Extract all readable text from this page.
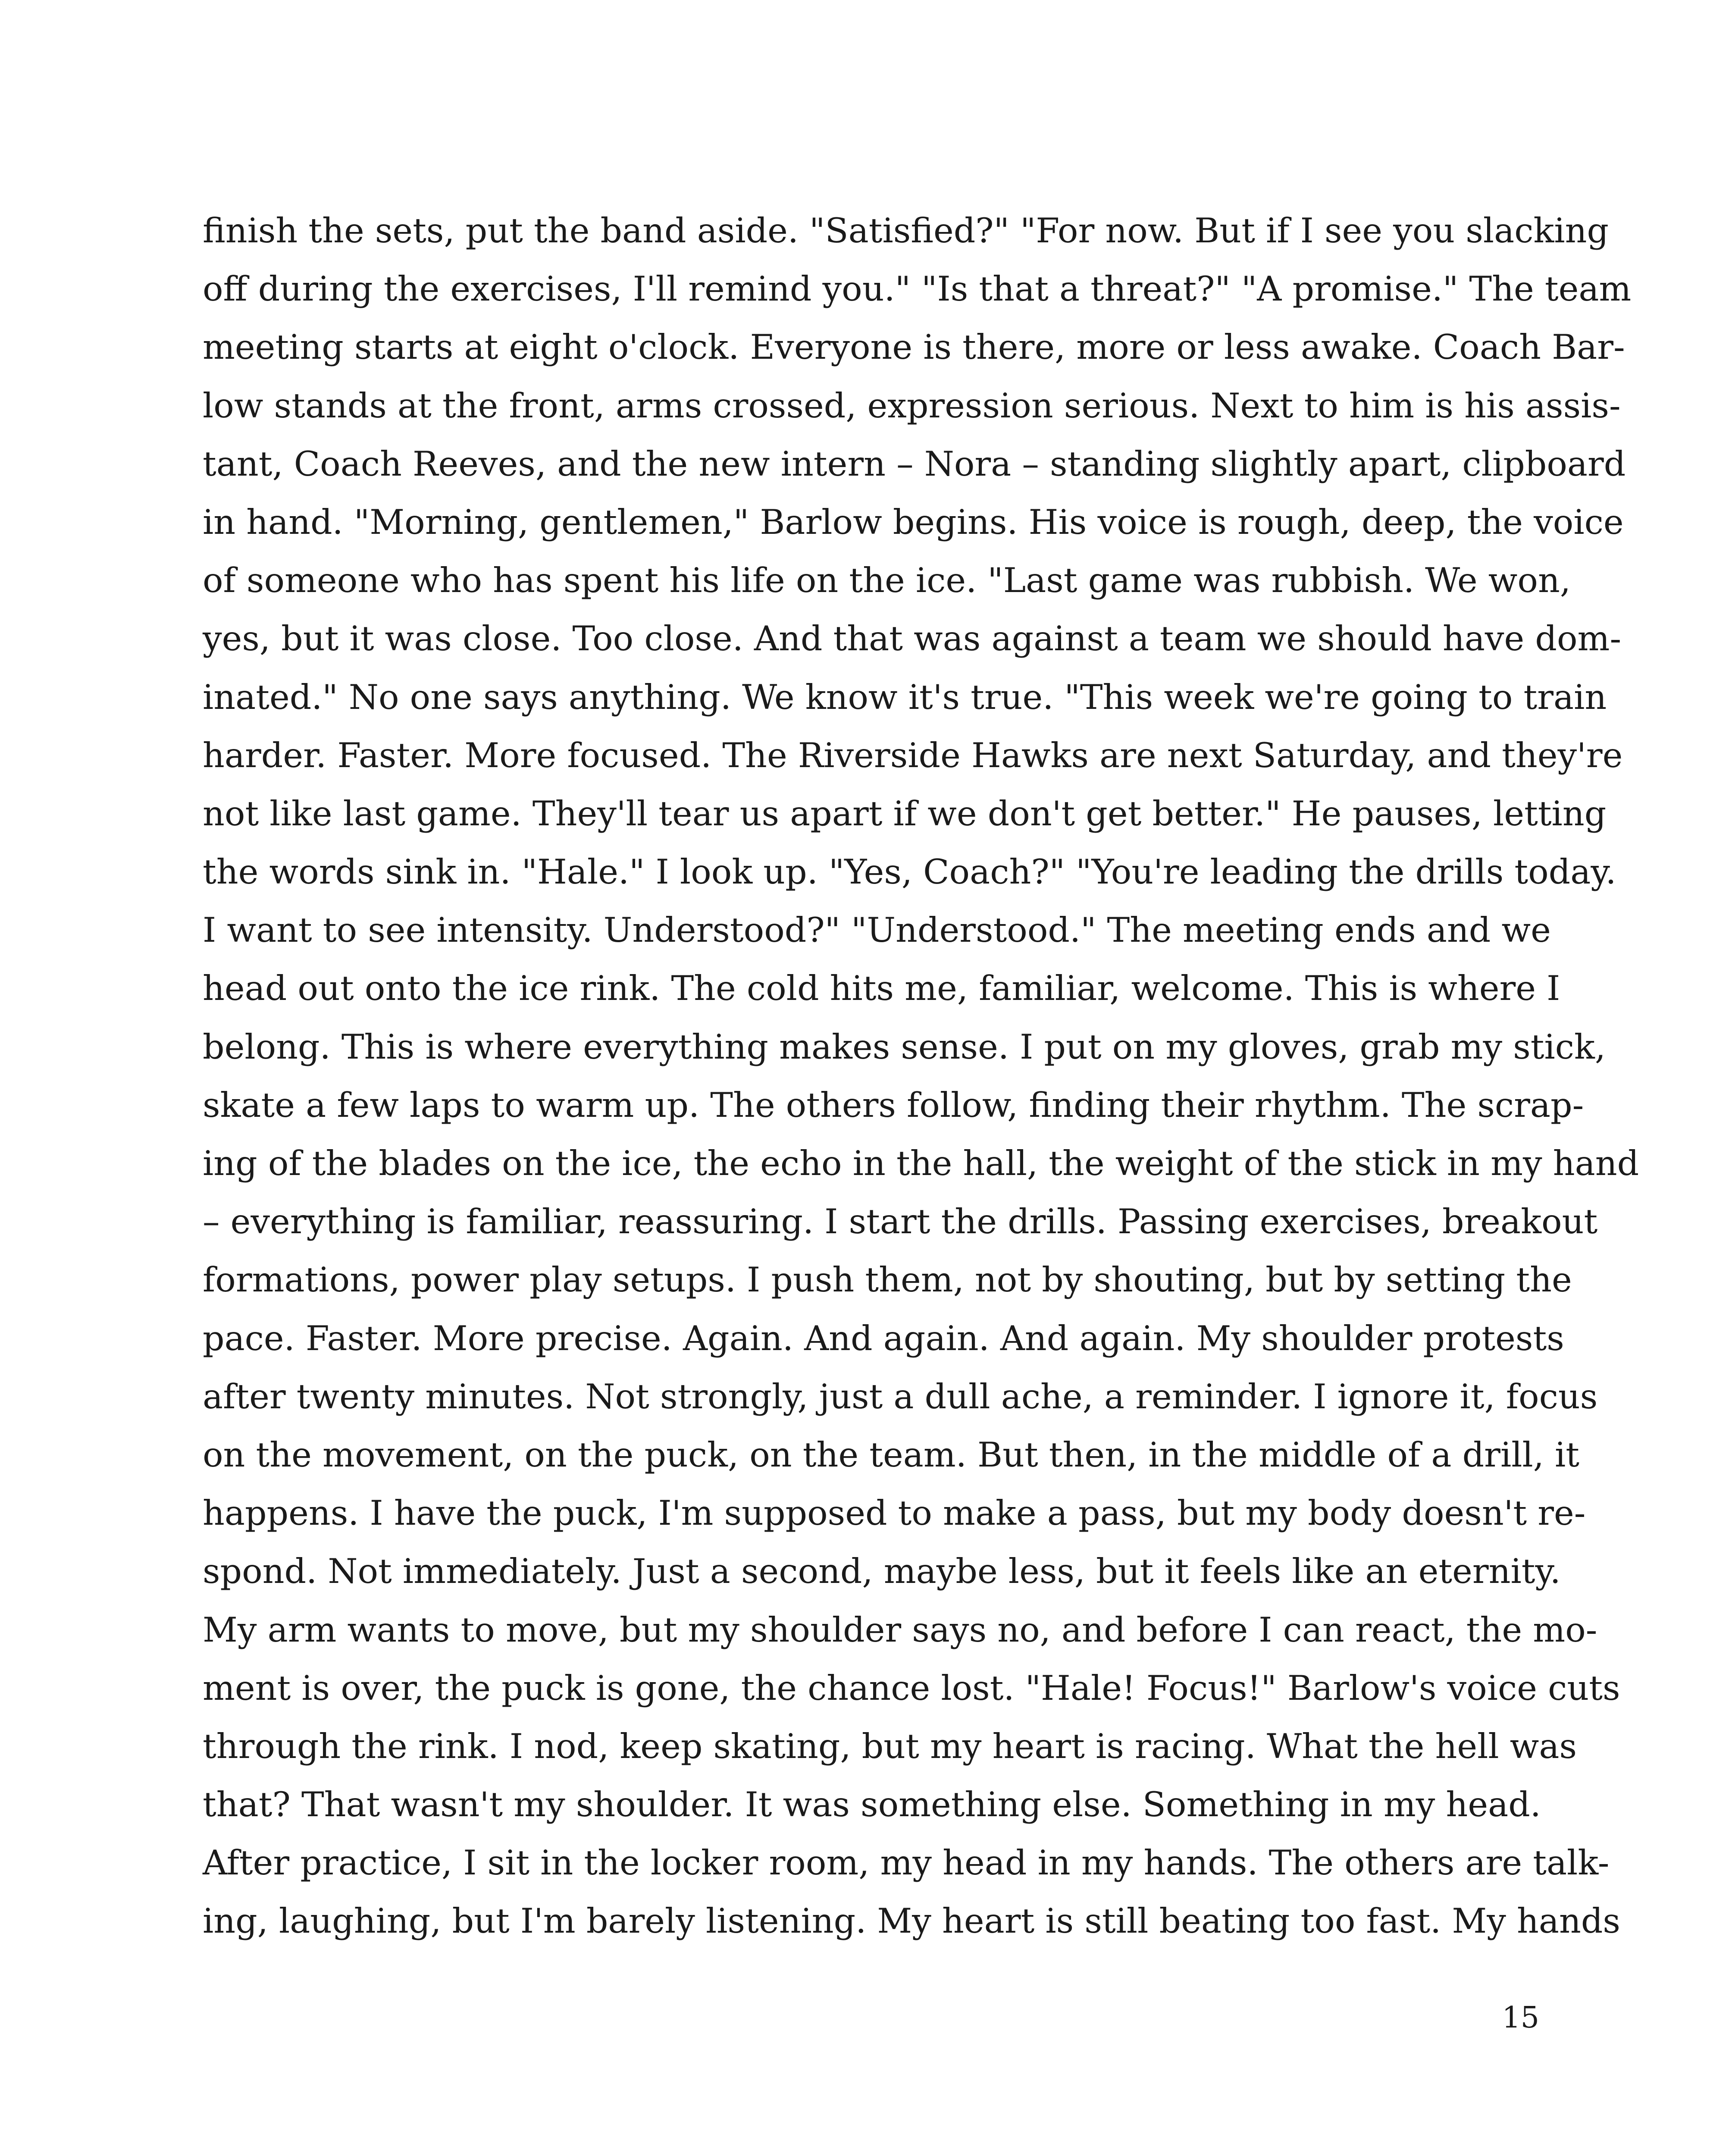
finish the sets, put the band aside. "Satisfied?" "For now. But if I see you slacking
off during the exercises, I'll remind you." "Is that a threat?" "A promise." The team
meeting starts at eight o'clock. Everyone is there, more or less awake. Coach Bar-
low stands at the front, arms crossed, expression serious. Next to him is his assis-
tant, Coach Reeves, and the new intern – Nora – standing slightly apart, clipboard
in hand. "Morning, gentlemen," Barlow begins. His voice is rough, deep, the voice
of someone who has spent his life on the ice. "Last game was rubbish. We won,
yes, but it was close. Too close. And that was against a team we should have dom-
inated." No one says anything. We know it's true. "This week we're going to train
harder. Faster. More focused. The Riverside Hawks are next Saturday, and they're
not like last game. They'll tear us apart if we don't get better." He pauses, letting
the words sink in. "Hale." I look up. "Yes, Coach?" "You're leading the drills today.
I want to see intensity. Understood?" "Understood." The meeting ends and we
head out onto the ice rink. The cold hits me, familiar, welcome. This is where I
belong. This is where everything makes sense. I put on my gloves, grab my stick,
skate a few laps to warm up. The others follow, finding their rhythm. The scrap-
ing of the blades on the ice, the echo in the hall, the weight of the stick in my hand
– everything is familiar, reassuring. I start the drills. Passing exercises, breakout
formations, power play setups. I push them, not by shouting, but by setting the
pace. Faster. More precise. Again. And again. And again. My shoulder protests
after twenty minutes. Not strongly, just a dull ache, a reminder. I ignore it, focus
on the movement, on the puck, on the team. But then, in the middle of a drill, it
happens. I have the puck, I'm supposed to make a pass, but my body doesn't re-
spond. Not immediately. Just a second, maybe less, but it feels like an eternity.
My arm wants to move, but my shoulder says no, and before I can react, the mo-
ment is over, the puck is gone, the chance lost. "Hale! Focus!" Barlow's voice cuts
through the rink. I nod, keep skating, but my heart is racing. What the hell was
that? That wasn't my shoulder. It was something else. Something in my head.
After practice, I sit in the locker room, my head in my hands. The others are talk-
ing, laughing, but I'm barely listening. My heart is still beating too fast. My hands
15
